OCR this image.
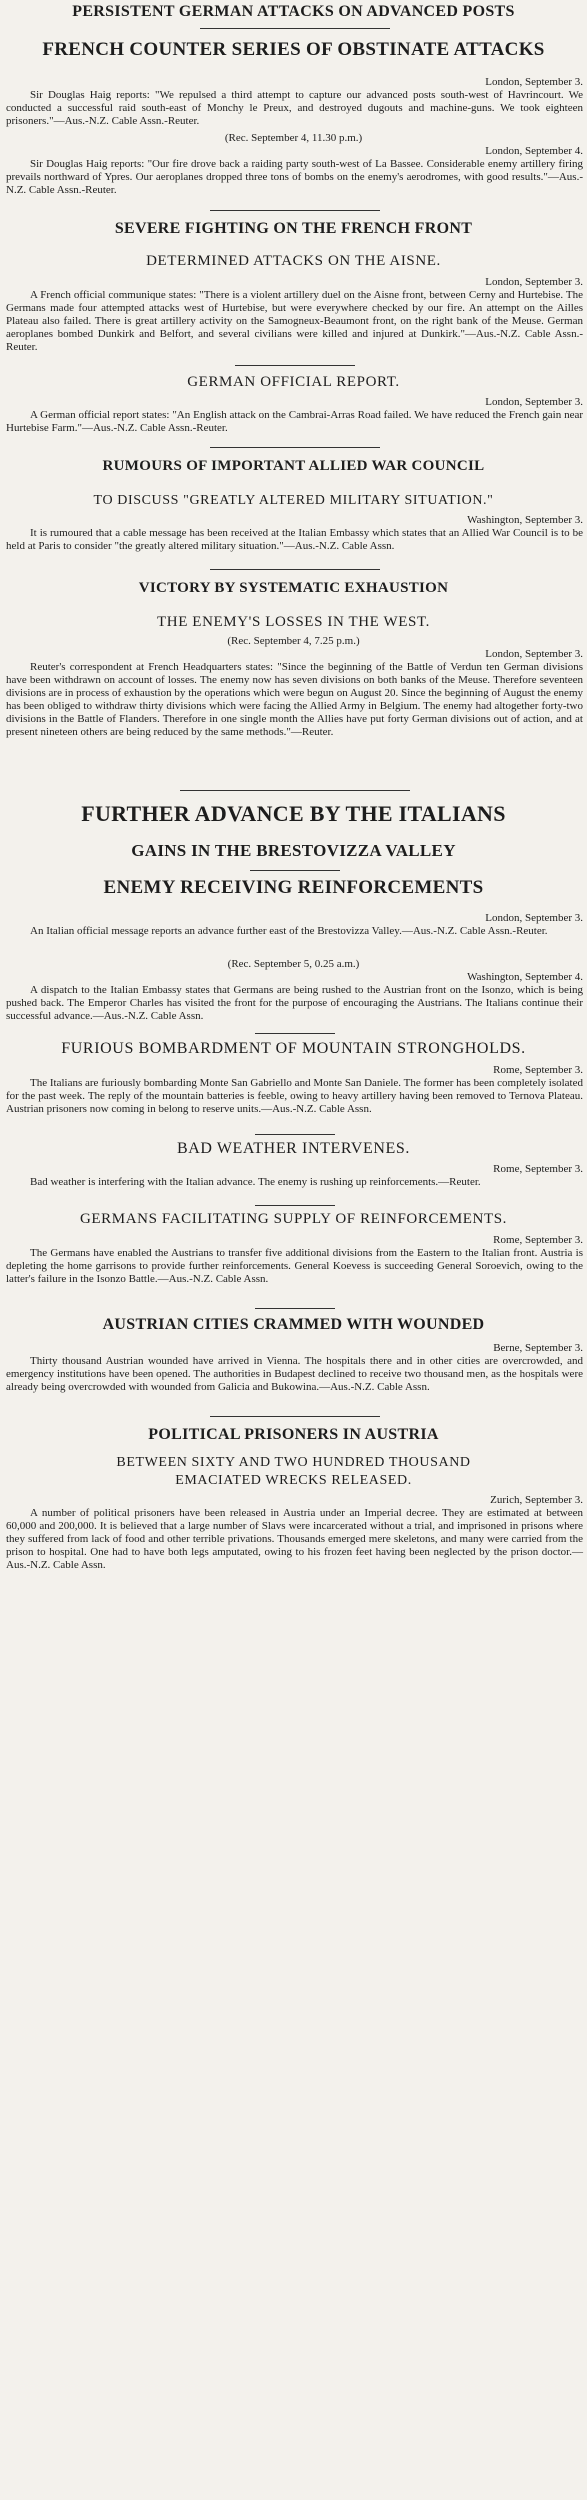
PERSISTENT GERMAN ATTACKS ON ADVANCED POSTS
FRENCH COUNTER SERIES OF OBSTINATE ATTACKS

London, September 3.

Sir Douglas Haig reports: "We repulsed a third attempt to capture our advanced posts south-west of Havrincourt. We conducted a successful raid south-east of Monchy le Preux, and destroyed dugouts and machine-guns. We took eighteen prisoners."—Aus.-N.Z. Cable Assn.-Reuter.

(Rec. September 4, 11.30 p.m.)

London, September 4.

Sir Douglas Haig reports: "Our fire drove back a raiding party south-west of La Bassee. Considerable enemy artillery firing prevails northward of Ypres. Our aeroplanes dropped three tons of bombs on the enemy's aerodromes, with good results."—Aus.-N.Z. Cable Assn.-Reuter.

SEVERE FIGHTING ON THE FRENCH FRONT
DETERMINED ATTACKS ON THE AISNE.

London, September 3.

A French official communique states: "There is a violent artillery duel on the Aisne front, between Cerny and Hurtebise. The Germans made four attempted attacks west of Hurtebise, but were everywhere checked by our fire. An attempt on the Ailles Plateau also failed. There is great artillery activity on the Samogneux-Beaumont front, on the right bank of the Meuse. German aeroplanes bombed Dunkirk and Belfort, and several civilians were killed and injured at Dunkirk."—Aus.-N.Z. Cable Assn.-Reuter.

GERMAN OFFICIAL REPORT.

London, September 3.

A German official report states: "An English attack on the Cambrai-Arras Road failed. We have reduced the French gain near Hurtebise Farm."—Aus.-N.Z. Cable Assn.-Reuter.

RUMOURS OF IMPORTANT ALLIED WAR COUNCIL
TO DISCUSS "GREATLY ALTERED MILITARY SITUATION."

Washington, September 3.

It is rumoured that a cable message has been received at the Italian Embassy which states that an Allied War Council is to be held at Paris to consider "the greatly altered military situation."—Aus.-N.Z. Cable Assn.

VICTORY BY SYSTEMATIC EXHAUSTION
THE ENEMY'S LOSSES IN THE WEST.

(Rec. September 4, 7.25 p.m.)

London, September 3.

Reuter's correspondent at French Headquarters states: "Since the beginning of the Battle of Verdun ten German divisions have been withdrawn on account of losses. The enemy now has seven divisions on both banks of the Meuse. Therefore seventeen divisions are in process of exhaustion by the operations which were begun on August 20. Since the beginning of August the enemy has been obliged to withdraw thirty divisions which were facing the Allied Army in Belgium. The enemy had altogether forty-two divisions in the Battle of Flanders. Therefore in one single month the Allies have put forty German divisions out of action, and at present nineteen others are being reduced by the same methods."—Reuter.

FURTHER ADVANCE BY THE ITALIANS
GAINS IN THE BRESTOVIZZA VALLEY
ENEMY RECEIVING REINFORCEMENTS

London, September 3.

An Italian official message reports an advance further east of the Brestovizza Valley.—Aus.-N.Z. Cable Assn.-Reuter.

(Rec. September 5, 0.25 a.m.)

Washington, September 4.

A dispatch to the Italian Embassy states that Germans are being rushed to the Austrian front on the Isonzo, which is being pushed back. The Emperor Charles has visited the front for the purpose of encouraging the Austrians. The Italians continue their successful advance.—Aus.-N.Z. Cable Assn.

FURIOUS BOMBARDMENT OF MOUNTAIN STRONGHOLDS.

Rome, September 3.

The Italians are furiously bombarding Monte San Gabriello and Monte San Daniele. The former has been completely isolated for the past week. The reply of the mountain batteries is feeble, owing to heavy artillery having been removed to Ternova Plateau. Austrian prisoners now coming in belong to reserve units.—Aus.-N.Z. Cable Assn.

BAD WEATHER INTERVENES.

Rome, September 3.

Bad weather is interfering with the Italian advance. The enemy is rushing up reinforcements.—Reuter.

GERMANS FACILITATING SUPPLY OF REINFORCEMENTS.

Rome, September 3.

The Germans have enabled the Austrians to transfer five additional divisions from the Eastern to the Italian front. Austria is depleting the home garrisons to provide further reinforcements. General Koevess is succeeding General Soroevich, owing to the latter's failure in the Isonzo Battle.—Aus.-N.Z. Cable Assn.

AUSTRIAN CITIES CRAMMED WITH WOUNDED

Berne, September 3.

Thirty thousand Austrian wounded have arrived in Vienna. The hospitals there and in other cities are overcrowded, and emergency institutions have been opened. The authorities in Budapest declined to receive two thousand men, as the hospitals were already being overcrowded with wounded from Galicia and Bukowina.—Aus.-N.Z. Cable Assn.

POLITICAL PRISONERS IN AUSTRIA
BETWEEN SIXTY AND TWO HUNDRED THOUSAND
EMACIATED WRECKS RELEASED.

Zurich, September 3.

A number of political prisoners have been released in Austria under an Imperial decree. They are estimated at between 60,000 and 200,000. It is believed that a large number of Slavs were incarcerated without a trial, and imprisoned in prisons where they suffered from lack of food and other terrible privations. Thousands emerged mere skeletons, and many were carried from the prison to hospital. One had to have both legs amputated, owing to his frozen feet having been neglected by the prison doctor.—Aus.-N.Z. Cable Assn.
